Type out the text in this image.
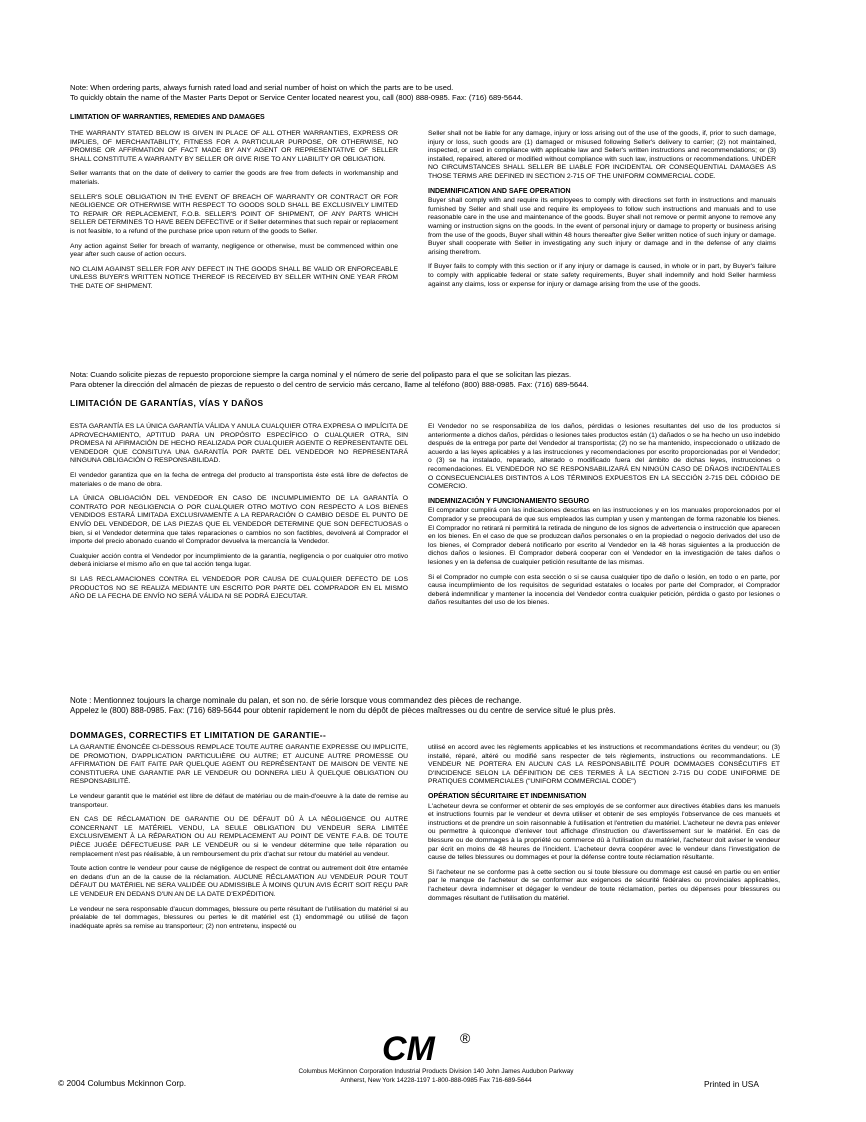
Note: When ordering parts, always furnish rated load and serial number of hoist on which the parts are to be used.
To quickly obtain the name of the Master Parts Depot or Service Center located nearest you, call (800) 888-0985. Fax: (716) 689-5644.
LIMITATION OF WARRANTIES, REMEDIES AND DAMAGES

THE WARRANTY STATED BELOW IS GIVEN IN PLACE OF ALL OTHER WARRANTIES, EXPRESS OR IMPLIES, OF MERCHANTABILITY, FITNESS FOR A PARTICULAR PURPOSE, OR OTHERWISE, NO PROMISE OR AFFIRMATION OF FACT MADE BY ANY AGENT OR REPRESENTATIVE OF SELLER SHALL CONSTITUTE A WARRANTY BY SELLER OR GIVE RISE TO ANY LIABILITY OR OBLIGATION.

Seller warrants that on the date of delivery to carrier the goods are free from defects in workmanship and materials.

SELLER'S SOLE OBLIGATION IN THE EVENT OF BREACH OF WARRANTY OR CONTRACT OR FOR NEGLIGENCE OR OTHERWISE WITH RESPECT TO GOODS SOLD SHALL BE EXCLUSIVELY LIMITED TO REPAIR OR REPLACEMENT, F.O.B. SELLER'S POINT OF SHIPMENT, OF ANY PARTS WHICH SELLER DETERMINES TO HAVE BEEN DEFECTIVE or if Seller determines that such repair or replacement is not feasible, to a refund of the purchase price upon return of the goods to Seller.

Any action against Seller for breach of warranty, negligence or otherwise, must be commenced within one year after such cause of action occurs.

NO CLAIM AGAINST SELLER FOR ANY DEFECT IN THE GOODS SHALL BE VALID OR ENFORCEABLE UNLESS BUYER'S WRITTEN NOTICE THEREOF IS RECEIVED BY SELLER WITHIN ONE YEAR FROM THE DATE OF SHIPMENT.

Seller shall not be liable for any damage, injury or loss arising out of the use of the goods, if, prior to such damage, injury or loss, such goods are (1) damaged or misused following Seller's delivery to carrier; (2) not maintained, inspected, or used in compliance with applicable law and Seller's written instructions and recommendations; or (3) installed, repaired, altered or modified without compliance with such law, instructions or recommendations. UNDER NO CIRCUMSTANCES SHALL SELLER BE LIABLE FOR INCIDENTAL OR CONSEQUENTIAL DAMAGES AS THOSE TERMS ARE DEFINED IN SECTION 2-715 OF THE UNIFORM COMMERCIAL CODE.

INDEMNIFICATION AND SAFE OPERATION

Buyer shall comply with and require its employees to comply with directions set forth in instructions and manuals furnished by Seller and shall use and require its employees to follow such instructions and manuals and to use reasonable care in the use and maintenance of the goods. Buyer shall not remove or permit anyone to remove any warning or instruction signs on the goods. In the event of personal injury or damage to property or business arising from the use of the goods, Buyer shall within 48 hours thereafter give Seller written notice of such injury or damage. Buyer shall cooperate with Seller in investigating any such injury or damage and in the defense of any claims arising therefrom.

If Buyer fails to comply with this section or if any injury or damage is caused, in whole or in part, by Buyer's failure to comply with applicable federal or state safety requirements, Buyer shall indemnify and hold Seller harmless against any claims, loss or expense for injury or damage arising from the use of the goods.

Nota: Cuando solicite piezas de repuesto proporcione siempre la carga nominal y el número de serie del polipasto para el que se solicitan las piezas.
Para obtener la dirección del almacén de piezas de repuesto o del centro de servicio más cercano, llame al teléfono (800) 888-0985. Fax: (716) 689-5644.
LIMITACIÓN DE GARANTÍAS, VÍAS Y DAÑOS

ESTA GARANTÍA ES LA ÚNICA GARANTÍA VÁLIDA Y ANULA CUALQUIER OTRA EXPRESA O IMPLÍCITA DE APROVECHAMIENTO, APTITUD PARA UN PROPÓSITO ESPECÍFICO O CUALQUIER OTRA, SIN PROMESA NI AFIRMACIÓN DE HECHO REALIZADA POR CUALQUIER AGENTE O REPRESENTANTE DEL VENDEDOR QUE CONSITUYA UNA GARANTÍA POR PARTE DEL VENDEDOR NO REPRESENTARÁ NINGUNA OBLIGACIÓN O RESPONSABILIDAD.

El vendedor garantiza que en la fecha de entrega del producto al transportista éste está libre de defectos de materiales o de mano de obra.

LA ÚNICA OBLIGACIÓN DEL VENDEDOR EN CASO DE INCUMPLIMIENTO DE LA GARANTÍA O CONTRATO POR NEGLIGENCIA O POR CUALQUIER OTRO MOTIVO CON RESPECTO A LOS BIENES VENDIDOS ESTARÁ LIMITADA EXCLUSIVAMENTE A LA REPARACIÓN O CAMBIO DESDE EL PUNTO DE ENVÍO DEL VENDEDOR, DE LAS PIEZAS QUE EL VENDEDOR DETERMINE QUE SON DEFECTUOSAS o bien, si el Vendedor determina que tales reparaciones o cambios no son factibles, devolverá al Comprador el importe del precio abonado cuando el Comprador devuelva la mercancía la Vendedor.

Cualquier acción contra el Vendedor por incumplimiento de la garantía, negligencia o por cualquier otro motivo deberá iniciarse el mismo año en que tal acción tenga lugar.

SI LAS RECLAMACIONES CONTRA EL VENDEDOR POR CAUSA DE CUALQUIER DEFECTO DE LOS PRODUCTOS NO SE REALIZA MEDIANTE UN ESCRITO POR PARTE DEL COMPRADOR EN EL MISMO AÑO DE LA FECHA DE ENVÍO NO SERÁ VÁLIDA NI SE PODRÁ EJECUTAR.

El Vendedor no se responsabiliza de los daños, pérdidas o lesiones resultantes del uso de los productos si anteriormente a dichos daños, pérdidas o lesiones tales productos están (1) dañados o se ha hecho un uso indebido después de la entrega por parte del Vendedor al transportista; (2) no se ha mantenido, inspeccionado o utilizado de acuerdo a las leyes aplicables y a las instrucciones y recomendaciones por escrito proporcionadas por el Vendedor; o (3) se ha instalado, reparado, alterado o modificado fuera del ámbito de dichas leyes, instrucciones o recomendaciones. EL VENDEDOR NO SE RESPONSABILIZARÁ EN NINGÚN CASO DE DÑAOS INCIDENTALES O CONSECUENCIALES DISTINTOS A LOS TÉRMINOS EXPUESTOS EN LA SECCIÓN 2-715 DEL CÓDIGO DE COMERCIO.

INDEMNIZACIÓN Y FUNCIONAMIENTO SEGURO

El comprador cumplirá con las indicaciones descritas en las instrucciones y en los manuales proporcionados por el Comprador y se preocupará de que sus empleados las cumplan y usen y mantengan de forma razonable los bienes. El Comprador no retirará ni permitirá la retirada de ninguno de los signos de advertencia o instrucción que aparecen en los bienes. En el caso de que se produzcan daños personales o en la propiedad o negocio derivados del uso de los bienes, el Comprador deberá notificarlo por escrito al Vendedor en la 48 horas siguientes a la producción de dichos daños o lesiones. El Comprador deberá cooperar con el Vendedor en la investigación de tales daños o lesiones y en la defensa de cualquier petición resultante de las mismas.

Si el Comprador no cumple con esta sección o si se causa cualquier tipo de daño o lesión, en todo o en parte, por causa incumplimiento de los requisitos de seguridad estatales o locales por parte del Comprador, el Comprador deberá indemnificar y mantener la inocencia del Vendedor contra cualquier petición, pérdida o gasto por lesiones o daños resultantes del uso de los bienes.

Note : Mentionnez toujours la charge nominale du palan, et son no. de série lorsque vous commandez des pièces de rechange.
Appelez le (800) 888-0985. Fax: (716) 689-5644 pour obtenir rapidement le nom du dépôt de pièces maîtresses ou du centre de service situé le plus près.
DOMMAGES, CORRECTIFS ET LIMITATION DE GARANTIE--

LA GARANTIE ÉNONCÉE CI-DESSOUS REMPLACE TOUTE AUTRE GARANTIE EXPRESSE OU IMPLICITE, DE PROMOTION, D'APPLICATION PARTICULIÈRE OU AUTRE; ET AUCUNE AUTRE PROMESSE OU AFFIRMATION DE FAIT FAITE PAR QUELQUE AGENT OU REPRÉSENTANT DE MAISON DE VENTE NE CONSTITUERA UNE GARANTIE PAR LE VENDEUR OU DONNERA LIEU À QUELQUE OBLIGATION OU RESPONSABILITÉ.

Le vendeur garantit que le matériel est libre de défaut de matériau ou de main-d'oeuvre à la date de remise au transporteur.

EN CAS DE RÉCLAMATION DE GARANTIE OU DE DÉFAUT DÛ À LA NÉGLIGENCE OU AUTRE CONCERNANT LE MATÉRIEL VENDU, LA SEULE OBLIGATION DU VENDEUR SERA LIMITÉE EXCLUSIVEMENT À LA RÉPARATION OU AU REMPLACEMENT AU POINT DE VENTE F.A.B. DE TOUTE PIÈCE JUGÉE DÉFECTUEUSE PAR LE VENDEUR ou si le vendeur détermine que telle réparation ou remplacement n'est pas réalisable, à un remboursement du prix d'achat sur retour du matériel au vendeur.

Toute action contre le vendeur pour cause de négligence de respect de contrat ou autrement doit être entamée en dedans d'un an de la cause de la réclamation. AUCUNE RÉCLAMATION AU VENDEUR POUR TOUT DÉFAUT DU MATÉRIEL NE SERA VALIDÉE OU ADMISSIBLE À MOINS QU'UN AVIS ÉCRIT SOIT REÇU PAR LE VENDEUR EN DEDANS D'UN AN DE LA DATE D'EXPÉDITION.

Le vendeur ne sera responsable d'aucun dommages, blessure ou perte résultant de l'utilisation du matériel si au préalable de tel dommages, blessures ou pertes le dit matériel est (1) endommagé ou utilisé de façon inadéquate après sa remise au transporteur; (2) non entretenu, inspecté ou

utilisé en accord avec les règlements applicables et les instructions et recommandations écrites du vendeur; ou (3) installé, réparé, altéré ou modifié sans respecter de tels règlements, instructions ou recommandations. LE VENDEUR NE PORTERA EN AUCUN CAS LA RESPONSABILITÉ POUR DOMMAGES CONSÉCUTIFS ET D'INCIDENCE SELON LA DÉFINITION DE CES TERMES À LA SECTION 2-715 DU CODE UNIFORME DE PRATIQUES COMMERCIALES ("UNIFORM COMMERCIAL CODE")

OPÉRATION SÉCURITAIRE ET INDEMNISATION

L'acheteur devra se conformer et obtenir de ses employés de se conformer aux directives établies dans les manuels et instructions fournis par le vendeur et devra utiliser et obtenir de ses employés l'observance de ces manuels et instructions et de prendre un soin raisonnable à l'utilisation et l'entretien du matériel. L'acheteur ne devra pas enlever ou permettre à quiconque d'enlever tout affichage d'instruction ou d'avertissement sur le matériel. En cas de blessure ou de dommages à la propriété ou commerce dû à l'utilisation du matériel, l'acheteur doit aviser le vendeur par écrit en moins de 48 heures de l'incident. L'acheteur devra coopérer avec le vendeur dans l'investigation de cause de telles blessures ou dommages et pour la défense contre toute réclamation résultante.

Si l'acheteur ne se conforme pas à cette section ou si toute blessure ou dommage est causé en partie ou en entier par le manque de l'acheteur de se conformer aux exigences de sécurité fédérales ou provinciales applicables, l'acheteur devra indemniser et dégager le vendeur de toute réclamation, pertes ou dépenses pour blessures ou dommages résultant de l'utilisation du matériel.

CM ®
Columbus McKinnon Corporation Industrial Products Division 140 John James Audubon Parkway
Amherst, New York 14228-1197 1-800-888-0985 Fax 716-689-5644
© 2004 Columbus Mckinnon Corp.	Printed in USA
